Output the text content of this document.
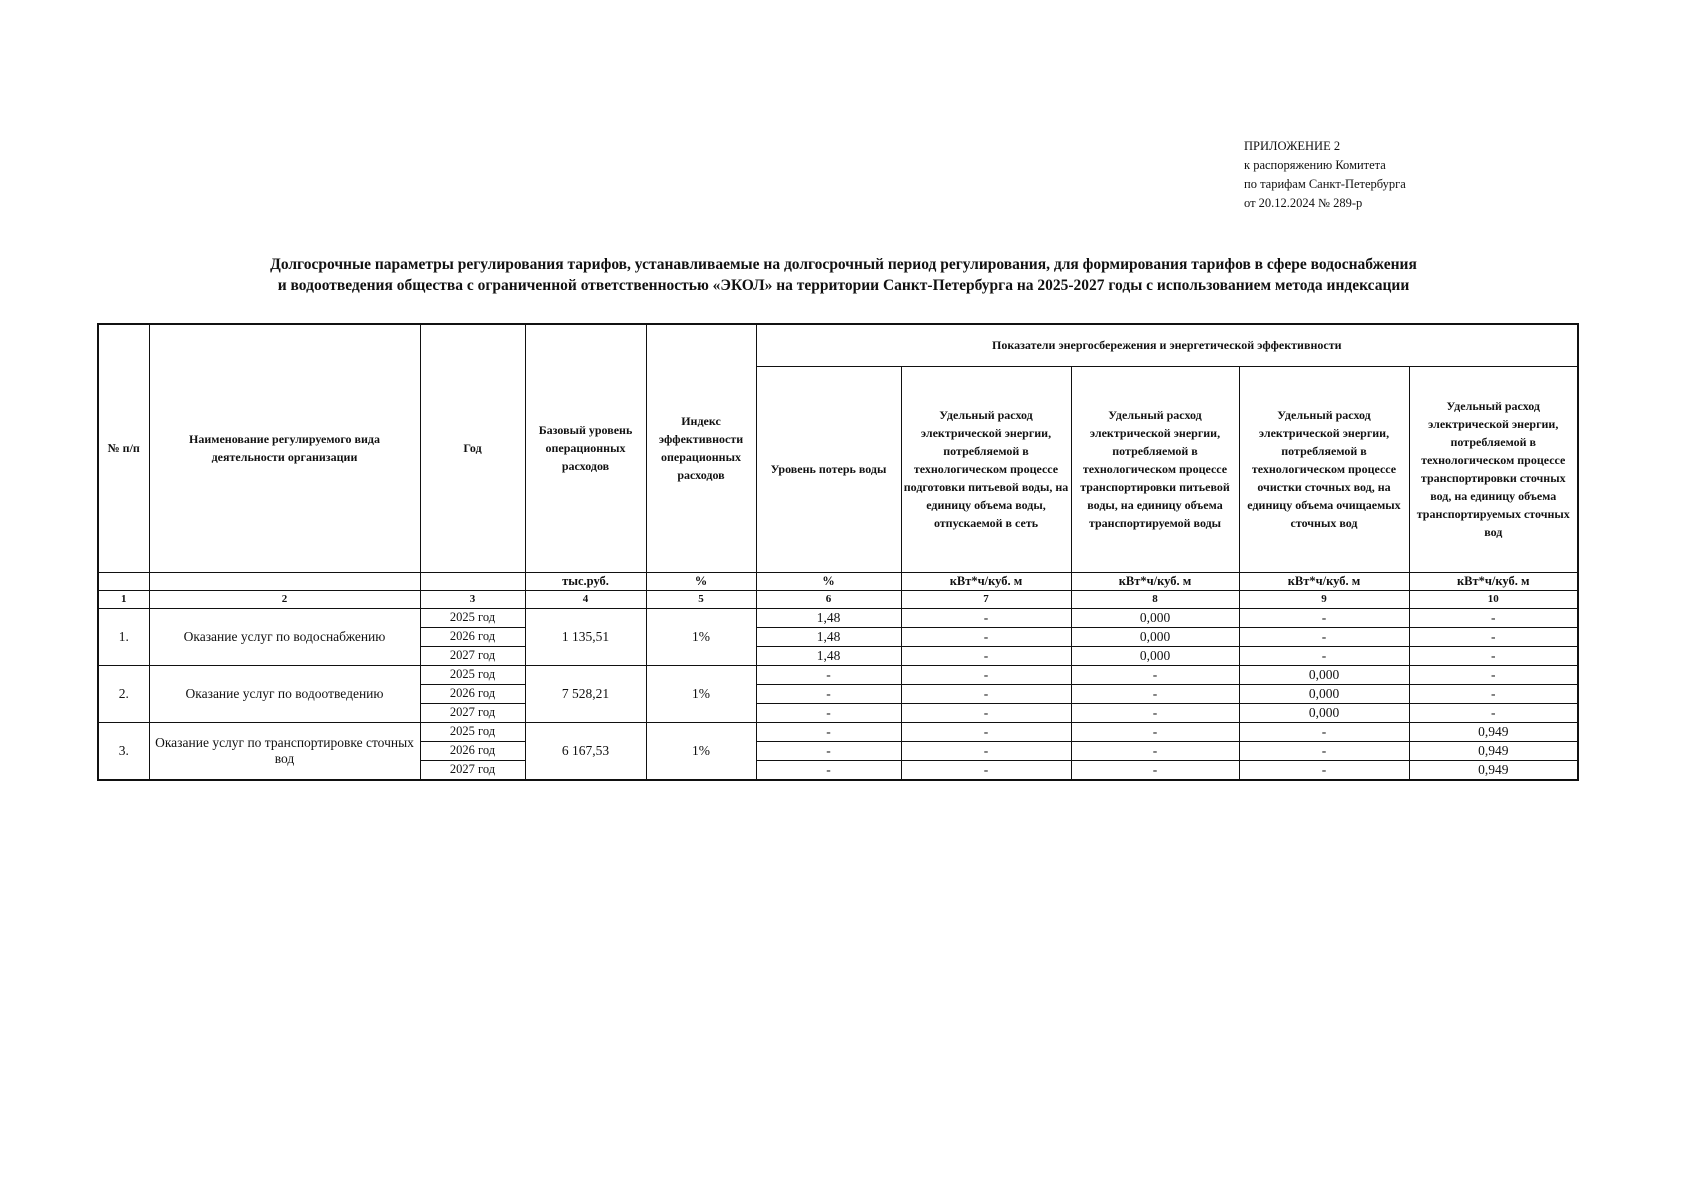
ПРИЛОЖЕНИЕ 2
к распоряжению Комитета
по тарифам Санкт-Петербурга
от 20.12.2024 № 289-р
Долгосрочные параметры регулирования тарифов, устанавливаемые на долгосрочный период регулирования, для формирования тарифов в сфере водоснабжения
и водоотведения общества с ограниченной ответственностью «ЭКОЛ» на территории Санкт-Петербурга на 2025-2027 годы с использованием метода индексации
№ п/п	Наименование регулируемого вида деятельности организации	Год	Базовый уровень операционных расходов	Индекс эффективности операционных расходов	Показатели энергосбережения и энергетической эффективности				
					Уровень потерь воды	Удельный расход электрической энергии, потребляемой в технологическом процессе подготовки питьевой воды, на единицу объема воды, отпускаемой в сеть	Удельный расход электрической энергии, потребляемой в технологическом процессе транспортировки питьевой воды, на единицу объема транспортируемой воды	Удельный расход электрической энергии, потребляемой в технологическом процессе очистки сточных вод, на единицу объема очищаемых сточных вод	Удельный расход электрической энергии, потребляемой в технологическом процессе транспортировки сточных вод, на единицу объема транспортируемых сточных вод
			тыс.руб.	%	%	кВт*ч/куб. м	кВт*ч/куб. м	кВт*ч/куб. м	кВт*ч/куб. м
1	2	3	4	5	6	7	8	9	10
1.	Оказание услуг по водоснабжению	2025 год	1 135,51	1%	1,48	-	0,000	-	-
		2026 год			1,48	-	0,000	-	-
		2027 год			1,48	-	0,000	-	-
2.	Оказание услуг по водоотведению	2025 год	7 528,21	1%	-	-	-	0,000	-
		2026 год			-	-	-	0,000	-
		2027 год			-	-	-	0,000	-
3.	Оказание услуг по транспортировке сточных вод	2025 год	6 167,53	1%	-	-	-	-	0,949
		2026 год			-	-	-	-	0,949
		2027 год			-	-	-	-	0,949
